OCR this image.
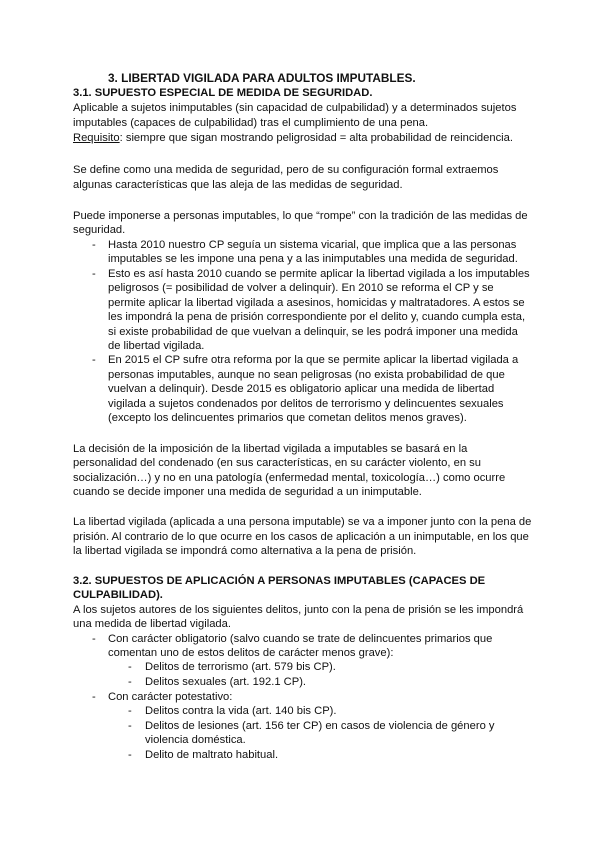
3. LIBERTAD VIGILADA PARA ADULTOS IMPUTABLES.
3.1. SUPUESTO ESPECIAL DE MEDIDA DE SEGURIDAD.
Aplicable a sujetos inimputables (sin capacidad de culpabilidad) y a determinados sujetos
imputables (capaces de culpabilidad) tras el cumplimiento de una pena.
Requisito: siempre que sigan mostrando peligrosidad = alta probabilidad de reincidencia.
Se define como una medida de seguridad, pero de su configuración formal extraemos
algunas características que las aleja de las medidas de seguridad.
Puede imponerse a personas imputables, lo que “rompe” con la tradición de las medidas de
seguridad.
- Hasta 2010 nuestro CP seguía un sistema vicarial, que implica que a las personas
imputables se les impone una pena y a las inimputables una medida de seguridad.
- Esto es así hasta 2010 cuando se permite aplicar la libertad vigilada a los imputables
peligrosos (= posibilidad de volver a delinquir). En 2010 se reforma el CP y se
permite aplicar la libertad vigilada a asesinos, homicidas y maltratadores. A estos se
les impondrá la pena de prisión correspondiente por el delito y, cuando cumpla esta,
si existe probabilidad de que vuelvan a delinquir, se les podrá imponer una medida
de libertad vigilada.
- En 2015 el CP sufre otra reforma por la que se permite aplicar la libertad vigilada a
personas imputables, aunque no sean peligrosas (no exista probabilidad de que
vuelvan a delinquir). Desde 2015 es obligatorio aplicar una medida de libertad
vigilada a sujetos condenados por delitos de terrorismo y delincuentes sexuales
(excepto los delincuentes primarios que cometan delitos menos graves).
La decisión de la imposición de la libertad vigilada a imputables se basará en la
personalidad del condenado (en sus características, en su carácter violento, en su
socialización…) y no en una patología (enfermedad mental, toxicología…) como ocurre
cuando se decide imponer una medida de seguridad a un inimputable.
La libertad vigilada (aplicada a una persona imputable) se va a imponer junto con la pena de
prisión. Al contrario de lo que ocurre en los casos de aplicación a un inimputable, en los que
la libertad vigilada se impondrá como alternativa a la pena de prisión.
3.2. SUPUESTOS DE APLICACIÓN A PERSONAS IMPUTABLES (CAPACES DE
CULPABILIDAD).
A los sujetos autores de los siguientes delitos, junto con la pena de prisión se les impondrá
una medida de libertad vigilada.
- Con carácter obligatorio (salvo cuando se trate de delincuentes primarios que
comentan uno de estos delitos de carácter menos grave):
- Delitos de terrorismo (art. 579 bis CP).
- Delitos sexuales (art. 192.1 CP).
- Con carácter potestativo:
- Delitos contra la vida (art. 140 bis CP).
- Delitos de lesiones (art. 156 ter CP) en casos de violencia de género y
violencia doméstica.
- Delito de maltrato habitual.
